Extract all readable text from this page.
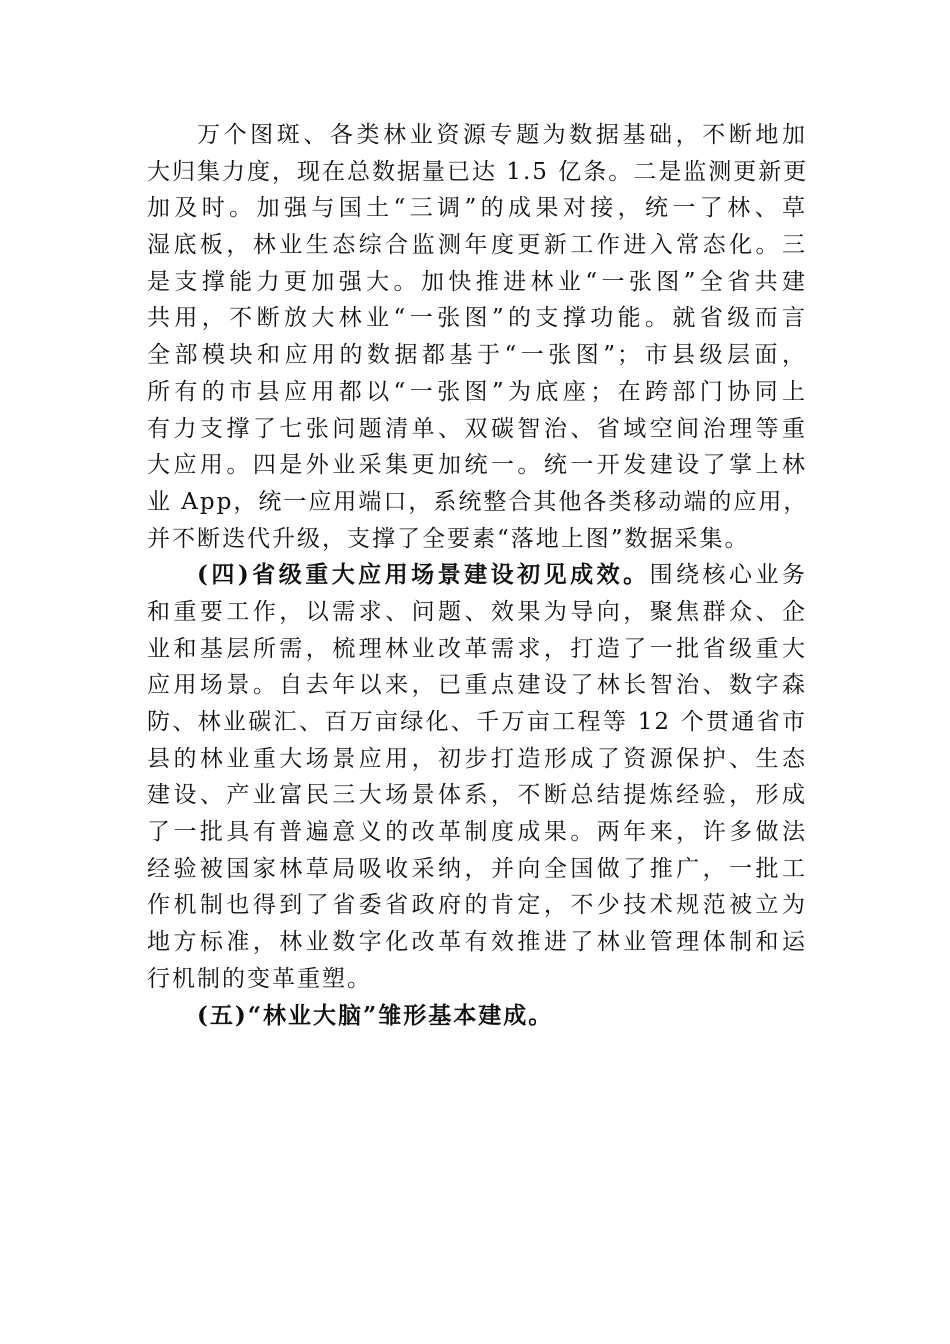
万个图斑、各类林业资源专题为数据基础，不断地加
大归集力度，现在总数据量已达 1.5 亿条。二是监测更新更
加及时。加强与国土“三调”的成果对接，统一了林、草
湿底板，林业生态综合监测年度更新工作进入常态化。三
是支撑能力更加强大。加快推进林业“一张图”全省共建
共用，不断放大林业“一张图”的支撑功能。就省级而言
全部模块和应用的数据都基于“一张图”；市县级层面，
所有的市县应用都以“一张图”为底座；在跨部门协同上
有力支撑了七张问题清单、双碳智治、省域空间治理等重
大应用。四是外业采集更加统一。统一开发建设了掌上林
业 App，统一应用端口，系统整合其他各类移动端的应用，
并不断迭代升级，支撑了全要素“落地上图”数据采集。
(四)省级重大应用场景建设初见成效。围绕核心业务
和重要工作，以需求、问题、效果为导向，聚焦群众、企
业和基层所需，梳理林业改革需求，打造了一批省级重大
应用场景。自去年以来，已重点建设了林长智治、数字森
防、林业碳汇、百万亩绿化、千万亩工程等 12 个贯通省市
县的林业重大场景应用，初步打造形成了资源保护、生态
建设、产业富民三大场景体系，不断总结提炼经验，形成
了一批具有普遍意义的改革制度成果。两年来，许多做法
经验被国家林草局吸收采纳，并向全国做了推广，一批工
作机制也得到了省委省政府的肯定，不少技术规范被立为
地方标准，林业数字化改革有效推进了林业管理体制和运
行机制的变革重塑。
(五)“林业大脑”雏形基本建成。
